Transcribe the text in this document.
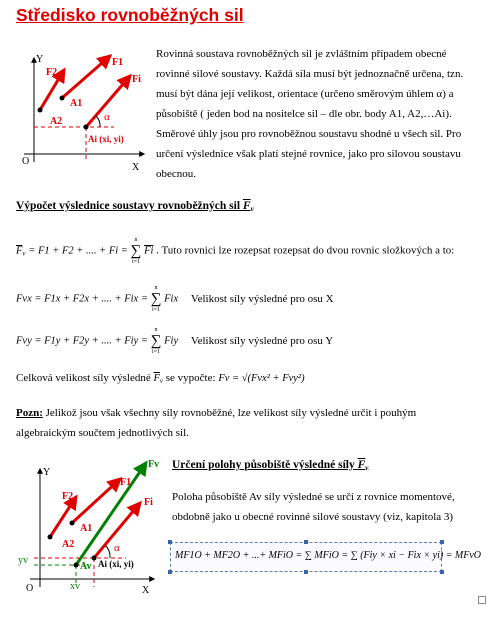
Středisko rovnoběžných sil
Y
X
O
F2
F1
Fi
A1
A2
Ai (xi, yi)
α
Rovinná soustava rovnoběžných sil je zvláštním případem obecné
rovinné silové soustavy. Každá síla musí být jednoznačně určena, tzn.
musí být dána její velikost, orientace (určeno směrovým úhlem α) a
působiště ( jeden bod na nositelce sil – dle obr. body A1, A2,…Ai).
Směrové úhly jsou pro rovnoběžnou soustavu shodné u všech sil. Pro
určení výslednice však platí stejné rovnice, jako pro silovou soustavu
obecnou.
Výpočet výslednice soustavy rovnoběžných sil $F_v$
$\overline{F}_v = F1 + F2$ + .... + Fi =
n
∑
i=1
$\overline{Fi}$ . Tuto rovnici lze rozepsat rozepsat do dvou rovnic složkových a to:
Fvx = F1x + F2x + .... + Fix =
n
∑
i=1
Fix Velikost síly výsledné pro osu X
Fvy = F1y + F2y + .... + Fiy =
n
∑
i=1
Fiy Velikost síly výsledné pro osu Y
Celková velikost síly výsledné $\overline{F}_v$ se vypočte: Fv = √(Fvx² + Fvy²)
Pozn: Jelikož jsou však všechny síly rovnoběžné, lze velikost síly výsledné určit i pouhým
algebraickým součtem jednotlivých sil.
Y
X
O
Fv
F2
F1
Fi
A1
A2
Av Ai (xi, yi)
α
yv
xv
Určení polohy působiště výsledné síly $F_v$
Poloha působiště Av síly výsledné se určí z rovnice momentové,
obdobně jako u obecné rovinné silové soustavy (viz, kapitola 3)
MF1O + MF2O + ...+ MFiO = ∑ MFiO = ∑ (Fiy × xi − Fix × yi) = MFvO
